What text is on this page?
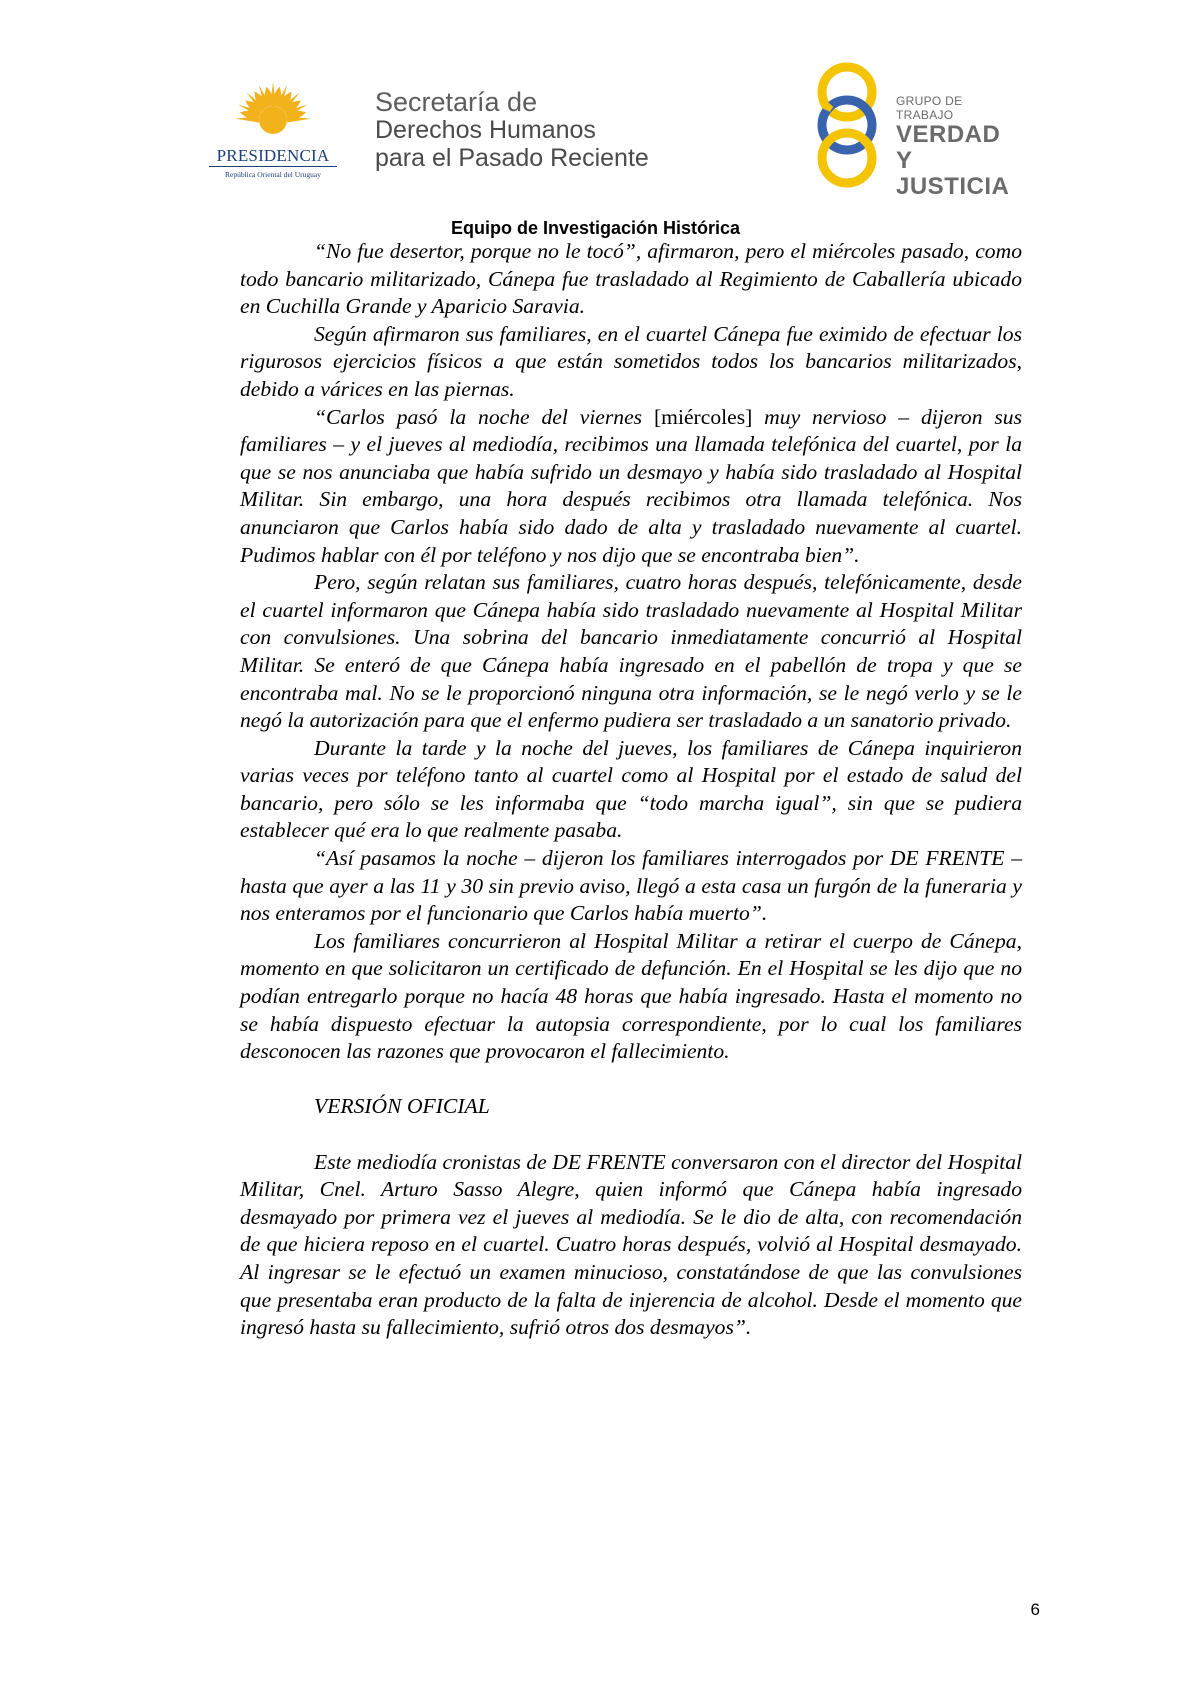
PRESIDENCIA
República Oriental del Uruguay
Secretaría de
Derechos Humanos
para el Pasado Reciente
GRUPO DE TRABAJO
VERDAD Y
JUSTICIA
Equipo de Investigación Histórica

“No fue desertor, porque no le tocó”, afirmaron, pero el miércoles pasado, como todo bancario militarizado, Cánepa fue trasladado al Regimiento de Caballería ubicado en Cuchilla Grande y Aparicio Saravia.

Según afirmaron sus familiares, en el cuartel Cánepa fue eximido de efectuar los rigurosos ejercicios físicos a que están sometidos todos los bancarios militarizados, debido a várices en las piernas.

“Carlos pasó la noche del viernes [miércoles] muy nervioso – dijeron sus familiares – y el jueves al mediodía, recibimos una llamada telefónica del cuartel, por la que se nos anunciaba que había sufrido un desmayo y había sido trasladado al Hospital Militar. Sin embargo, una hora después recibimos otra llamada telefónica. Nos anunciaron que Carlos había sido dado de alta y trasladado nuevamente al cuartel. Pudimos hablar con él por teléfono y nos dijo que se encontraba bien”.

Pero, según relatan sus familiares, cuatro horas después, telefónicamente, desde el cuartel informaron que Cánepa había sido trasladado nuevamente al Hospital Militar con convulsiones. Una sobrina del bancario inmediatamente concurrió al Hospital Militar. Se enteró de que Cánepa había ingresado en el pabellón de tropa y que se encontraba mal. No se le proporcionó ninguna otra información, se le negó verlo y se le negó la autorización para que el enfermo pudiera ser trasladado a un sanatorio privado.

Durante la tarde y la noche del jueves, los familiares de Cánepa inquirieron varias veces por teléfono tanto al cuartel como al Hospital por el estado de salud del bancario, pero sólo se les informaba que “todo marcha igual”, sin que se pudiera establecer qué era lo que realmente pasaba.

“Así pasamos la noche – dijeron los familiares interrogados por DE FRENTE – hasta que ayer a las 11 y 30 sin previo aviso, llegó a esta casa un furgón de la funeraria y nos enteramos por el funcionario que Carlos había muerto”.

Los familiares concurrieron al Hospital Militar a retirar el cuerpo de Cánepa, momento en que solicitaron un certificado de defunción. En el Hospital se les dijo que no podían entregarlo porque no hacía 48 horas que había ingresado. Hasta el momento no se había dispuesto efectuar la autopsia correspondiente, por lo cual los familiares desconocen las razones que provocaron el fallecimiento.

VERSIÓN OFICIAL

Este mediodía cronistas de DE FRENTE conversaron con el director del Hospital Militar, Cnel. Arturo Sasso Alegre, quien informó que Cánepa había ingresado desmayado por primera vez el jueves al mediodía. Se le dio de alta, con recomendación de que hiciera reposo en el cuartel. Cuatro horas después, volvió al Hospital desmayado. Al ingresar se le efectuó un examen minucioso, constatándose de que las convulsiones que presentaba eran producto de la falta de injerencia de alcohol. Desde el momento que ingresó hasta su fallecimiento, sufrió otros dos desmayos”.

6
